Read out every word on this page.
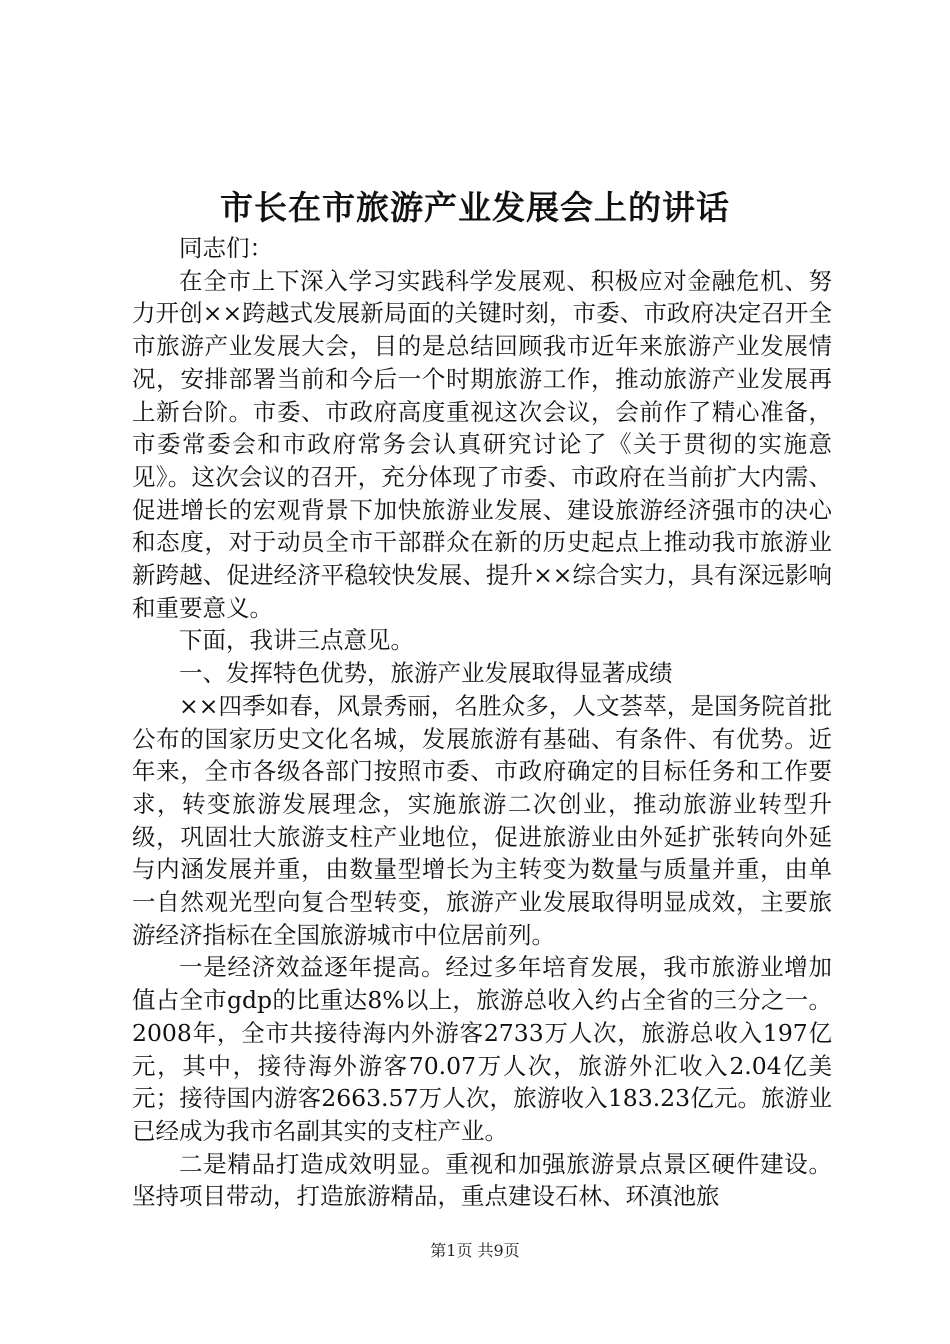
市长在市旅游产业发展会上的讲话

同志们：

在全市上下深入学习实践科学发展观、积极应对金融危机、努力开创××跨越式发展新局面的关键时刻，市委、市政府决定召开全市旅游产业发展大会，目的是总结回顾我市近年来旅游产业发展情况，安排部署当前和今后一个时期旅游工作，推动旅游产业发展再上新台阶。市委、市政府高度重视这次会议，会前作了精心准备，市委常委会和市政府常务会认真研究讨论了《关于贯彻的实施意见》。这次会议的召开，充分体现了市委、市政府在当前扩大内需、促进增长的宏观背景下加快旅游业发展、建设旅游经济强市的决心和态度，对于动员全市干部群众在新的历史起点上推动我市旅游业新跨越、促进经济平稳较快发展、提升××综合实力，具有深远影响和重要意义。

下面，我讲三点意见。

一、发挥特色优势，旅游产业发展取得显著成绩

××四季如春，风景秀丽，名胜众多，人文荟萃，是国务院首批公布的国家历史文化名城，发展旅游有基础、有条件、有优势。近年来，全市各级各部门按照市委、市政府确定的目标任务和工作要求，转变旅游发展理念，实施旅游二次创业，推动旅游业转型升级，巩固壮大旅游支柱产业地位，促进旅游业由外延扩张转向外延与内涵发展并重，由数量型增长为主转变为数量与质量并重，由单一自然观光型向复合型转变，旅游产业发展取得明显成效，主要旅游经济指标在全国旅游城市中位居前列。

一是经济效益逐年提高。经过多年培育发展，我市旅游业增加值占全市gdp的比重达8%以上，旅游总收入约占全省的三分之一。2008年，全市共接待海内外游客2733万人次，旅游总收入197亿元，其中，接待海外游客70.07万人次，旅游外汇收入2.04亿美元；接待国内游客2663.57万人次，旅游收入183.23亿元。旅游业已经成为我市名副其实的支柱产业。

二是精品打造成效明显。重视和加强旅游景点景区硬件建设。坚持项目带动，打造旅游精品，重点建设石林、环滇池旅

第1页 共9页
